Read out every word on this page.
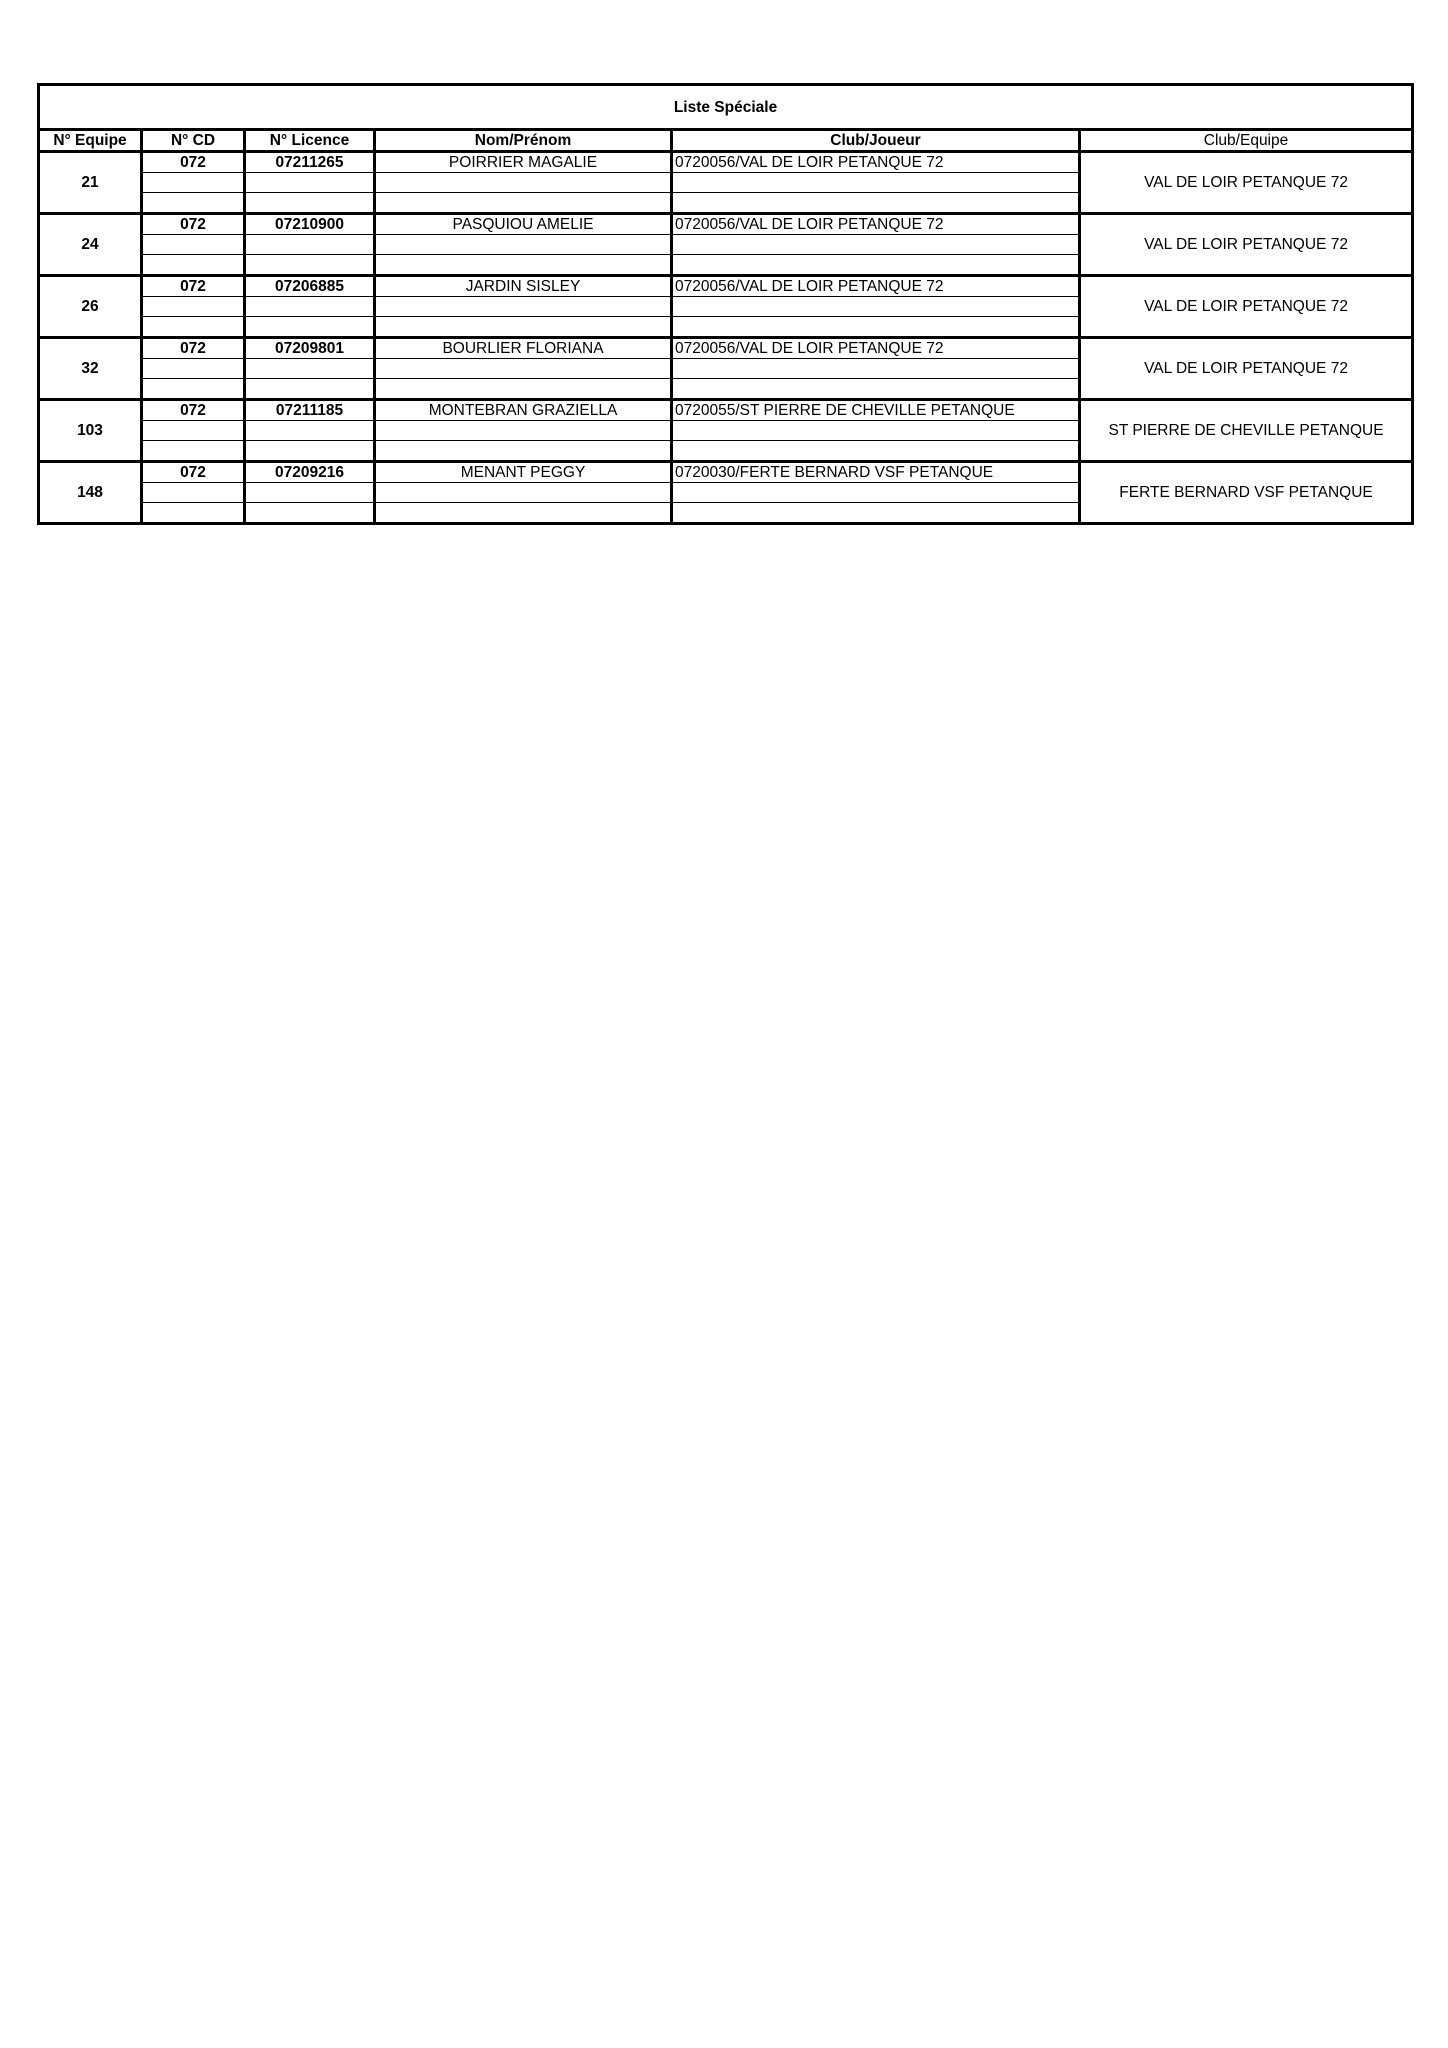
Liste Spéciale					
N° Equipe	N° CD	N° Licence	Nom/Prénom	Club/Joueur	Club/Equipe
21	072	07211265	POIRRIER MAGALIE	0720056/VAL DE LOIR PETANQUE 72	VAL DE LOIR PETANQUE 72

24	072	07210900	PASQUIOU AMELIE	0720056/VAL DE LOIR PETANQUE 72	VAL DE LOIR PETANQUE 72

26	072	07206885	JARDIN SISLEY	0720056/VAL DE LOIR PETANQUE 72	VAL DE LOIR PETANQUE 72

32	072	07209801	BOURLIER FLORIANA	0720056/VAL DE LOIR PETANQUE 72	VAL DE LOIR PETANQUE 72

103	072	07211185	MONTEBRAN GRAZIELLA	0720055/ST PIERRE DE CHEVILLE PETANQUE	ST PIERRE DE CHEVILLE PETANQUE

148	072	07209216	MENANT PEGGY	0720030/FERTE BERNARD VSF PETANQUE	FERTE BERNARD VSF PETANQUE
